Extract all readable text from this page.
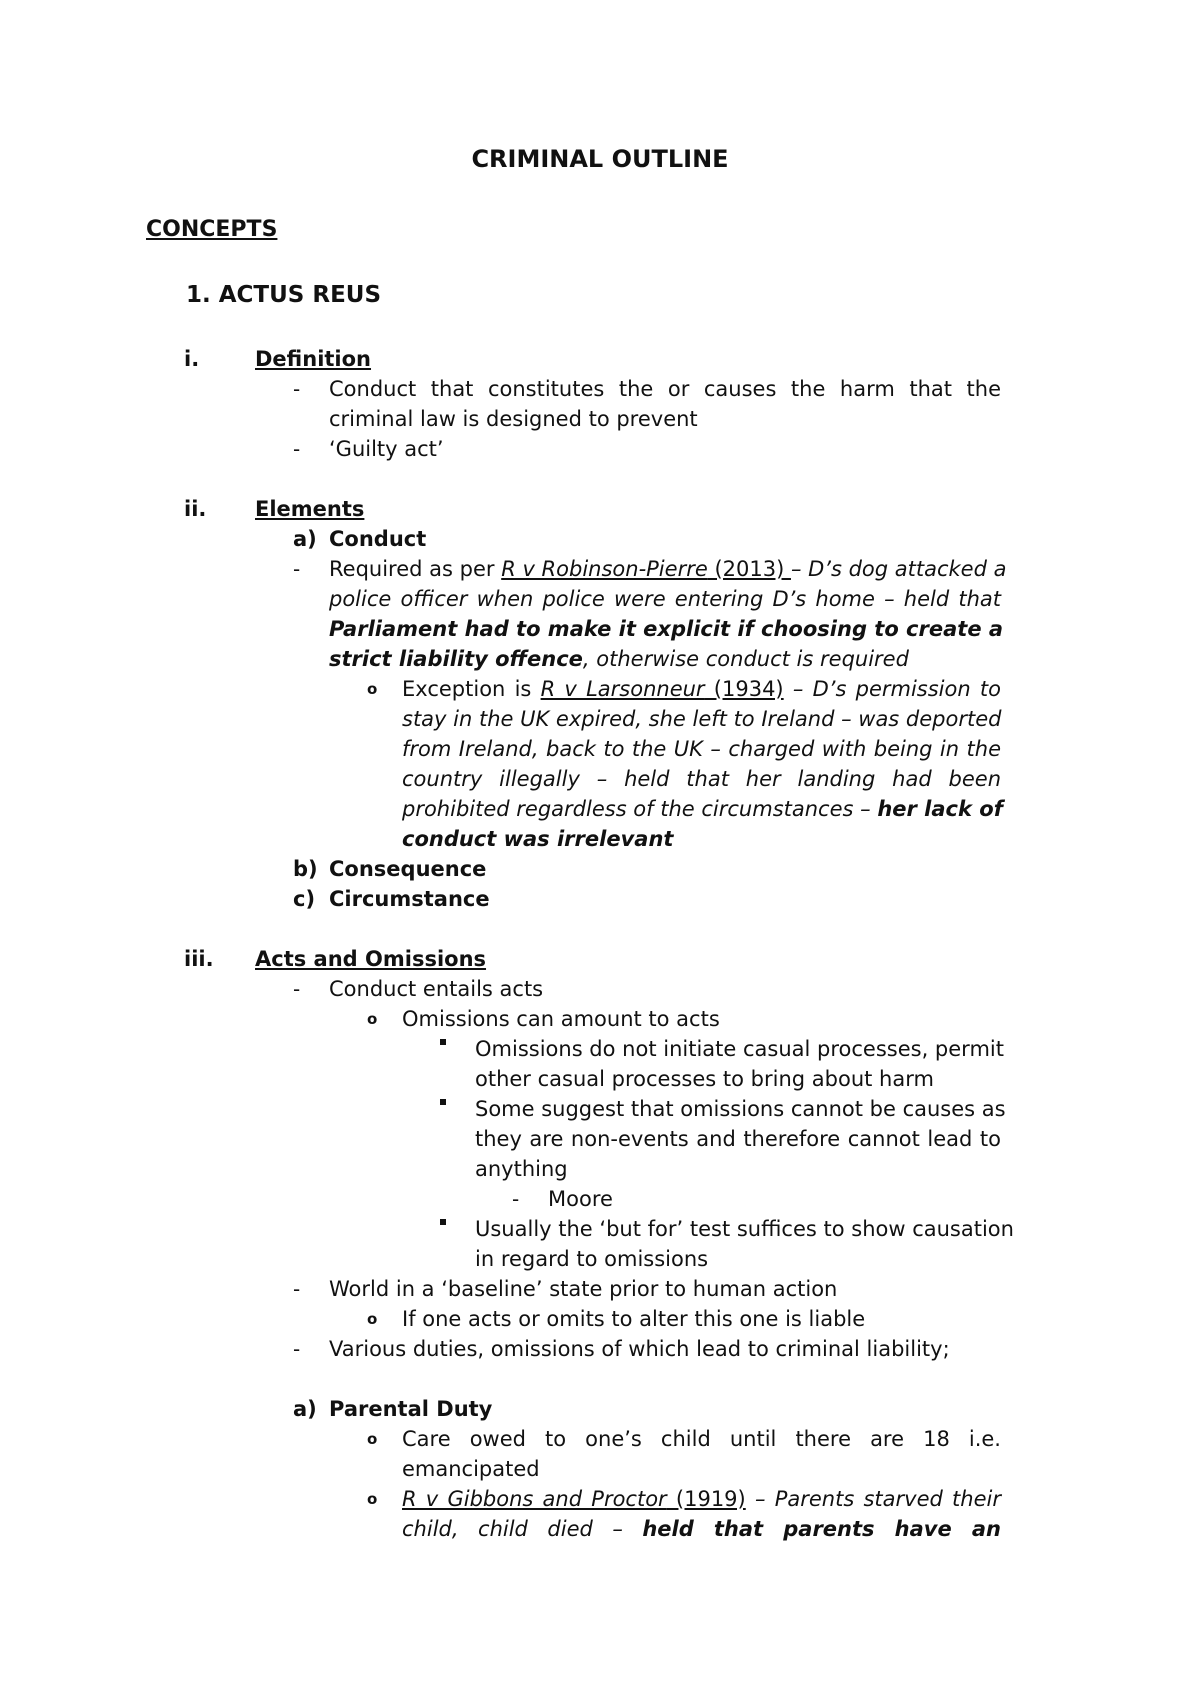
CRIMINAL OUTLINE
CONCEPTS
1. ACTUS REUS
i.	Definition
- Conduct that constitutes the or causes the harm that the
criminal law is designed to prevent
- ‘Guilty act’
ii. Elements
a) Conduct
- Required as per R v Robinson-Pierre (2013) – D’s dog attacked a
police officer when police were entering D’s home – held that
Parliament had to make it explicit if choosing to create a
strict liability offence, otherwise conduct is required
o Exception is R v Larsonneur (1934) – D’s permission to
stay in the UK expired, she left to Ireland – was deported
from Ireland, back to the UK – charged with being in the
country illegally – held that her landing had been
prohibited regardless of the circumstances – her lack of
conduct was irrelevant
b) Consequence
c) Circumstance
iii. Acts and Omissions
- Conduct entails acts
o Omissions can amount to acts
Omissions do not initiate casual processes, permit
other casual processes to bring about harm
Some suggest that omissions cannot be causes as
they are non-events and therefore cannot lead to
anything
- Moore
Usually the ‘but for’ test suffices to show causation
in regard to omissions
- World in a ‘baseline’ state prior to human action
o If one acts or omits to alter this one is liable
- Various duties, omissions of which lead to criminal liability;
a) Parental Duty
o Care owed to one’s child until there are 18 i.e.
emancipated
o R v Gibbons and Proctor (1919) – Parents starved their
child, child died – held that parents have an
